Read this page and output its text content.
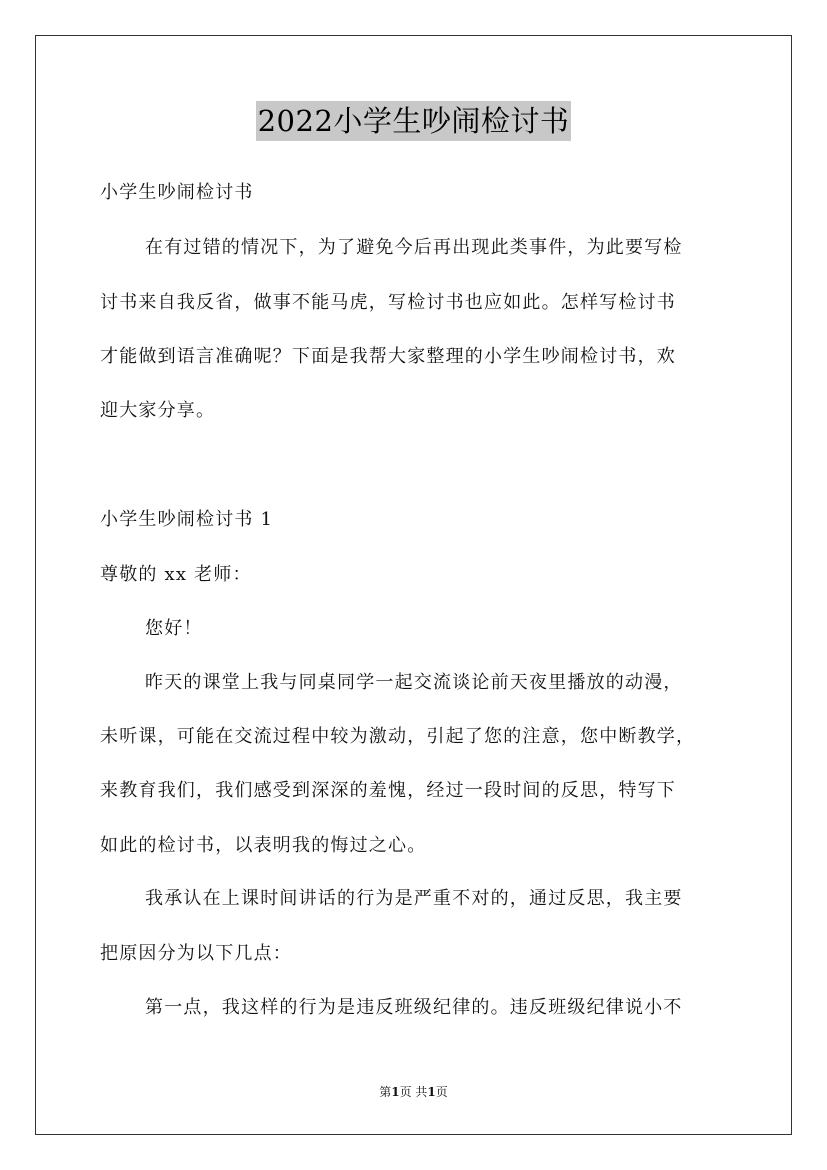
2022小学生吵闹检讨书
小学生吵闹检讨书
在有过错的情况下，为了避免今后再出现此类事件，为此要写检
讨书来自我反省，做事不能马虎，写检讨书也应如此。怎样写检讨书
才能做到语言准确呢？下面是我帮大家整理的小学生吵闹检讨书，欢
迎大家分享。
小学生吵闹检讨书 1
尊敬的 xx 老师：
您好！
昨天的课堂上我与同桌同学一起交流谈论前天夜里播放的动漫，
未听课，可能在交流过程中较为激动，引起了您的注意，您中断教学，
来教育我们，我们感受到深深的羞愧，经过一段时间的反思，特写下
如此的检讨书，以表明我的悔过之心。
我承认在上课时间讲话的行为是严重不对的，通过反思，我主要
把原因分为以下几点：
第一点，我这样的行为是违反班级纪律的。违反班级纪律说小不
第1页 共1页
